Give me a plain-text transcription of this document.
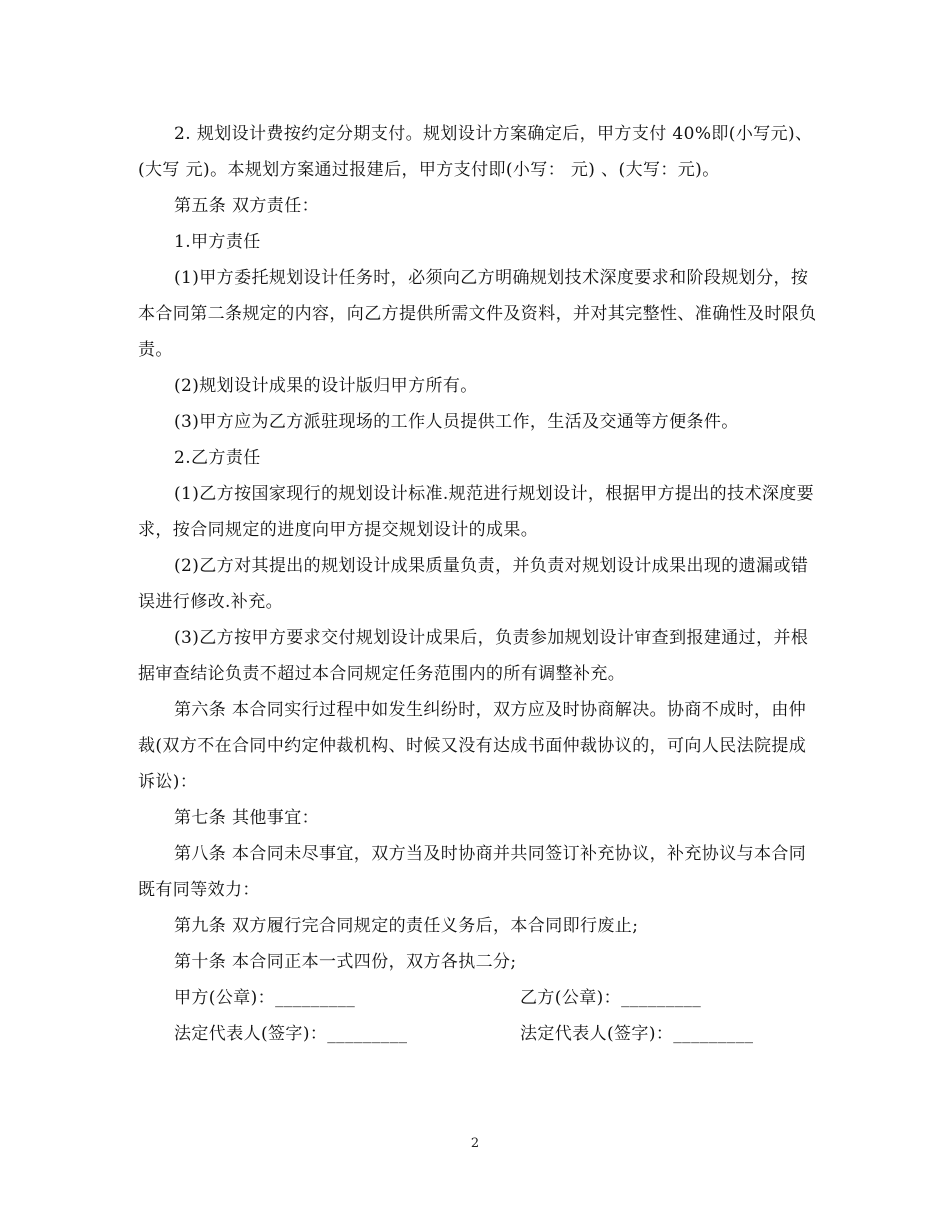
2. 规划设计费按约定分期支付。规划设计方案确定后，甲方支付 40%即(小写元)、(大写 元)。本规划方案通过报建后，甲方支付即(小写： 元) 、(大写：元)。

第五条 双方责任：

1.甲方责任

(1)甲方委托规划设计任务时，必须向乙方明确规划技术深度要求和阶段规划分，按本合同第二条规定的内容，向乙方提供所需文件及资料，并对其完整性、准确性及时限负责。

(2)规划设计成果的设计版归甲方所有。

(3)甲方应为乙方派驻现场的工作人员提供工作，生活及交通等方便条件。

2.乙方责任

(1)乙方按国家现行的规划设计标准.规范进行规划设计，根据甲方提出的技术深度要求，按合同规定的进度向甲方提交规划设计的成果。

(2)乙方对其提出的规划设计成果质量负责，并负责对规划设计成果出现的遗漏或错误进行修改.补充。

(3)乙方按甲方要求交付规划设计成果后，负责参加规划设计审查到报建通过，并根据审查结论负责不超过本合同规定任务范围内的所有调整补充。

第六条 本合同实行过程中如发生纠纷时，双方应及时协商解决。协商不成时，由仲裁(双方不在合同中约定仲裁机构、时候又没有达成书面仲裁协议的，可向人民法院提成诉讼)：

第七条 其他事宜：

第八条 本合同未尽事宜，双方当及时协商并共同签订补充协议，补充协议与本合同既有同等效力：

第九条 双方履行完合同规定的责任义务后，本合同即行废止;

第十条 本合同正本一式四份，双方各执二分;

甲方(公章)：_________	乙方(公章)：_________
法定代表人(签字)：_________	法定代表人(签字)：_________
2
